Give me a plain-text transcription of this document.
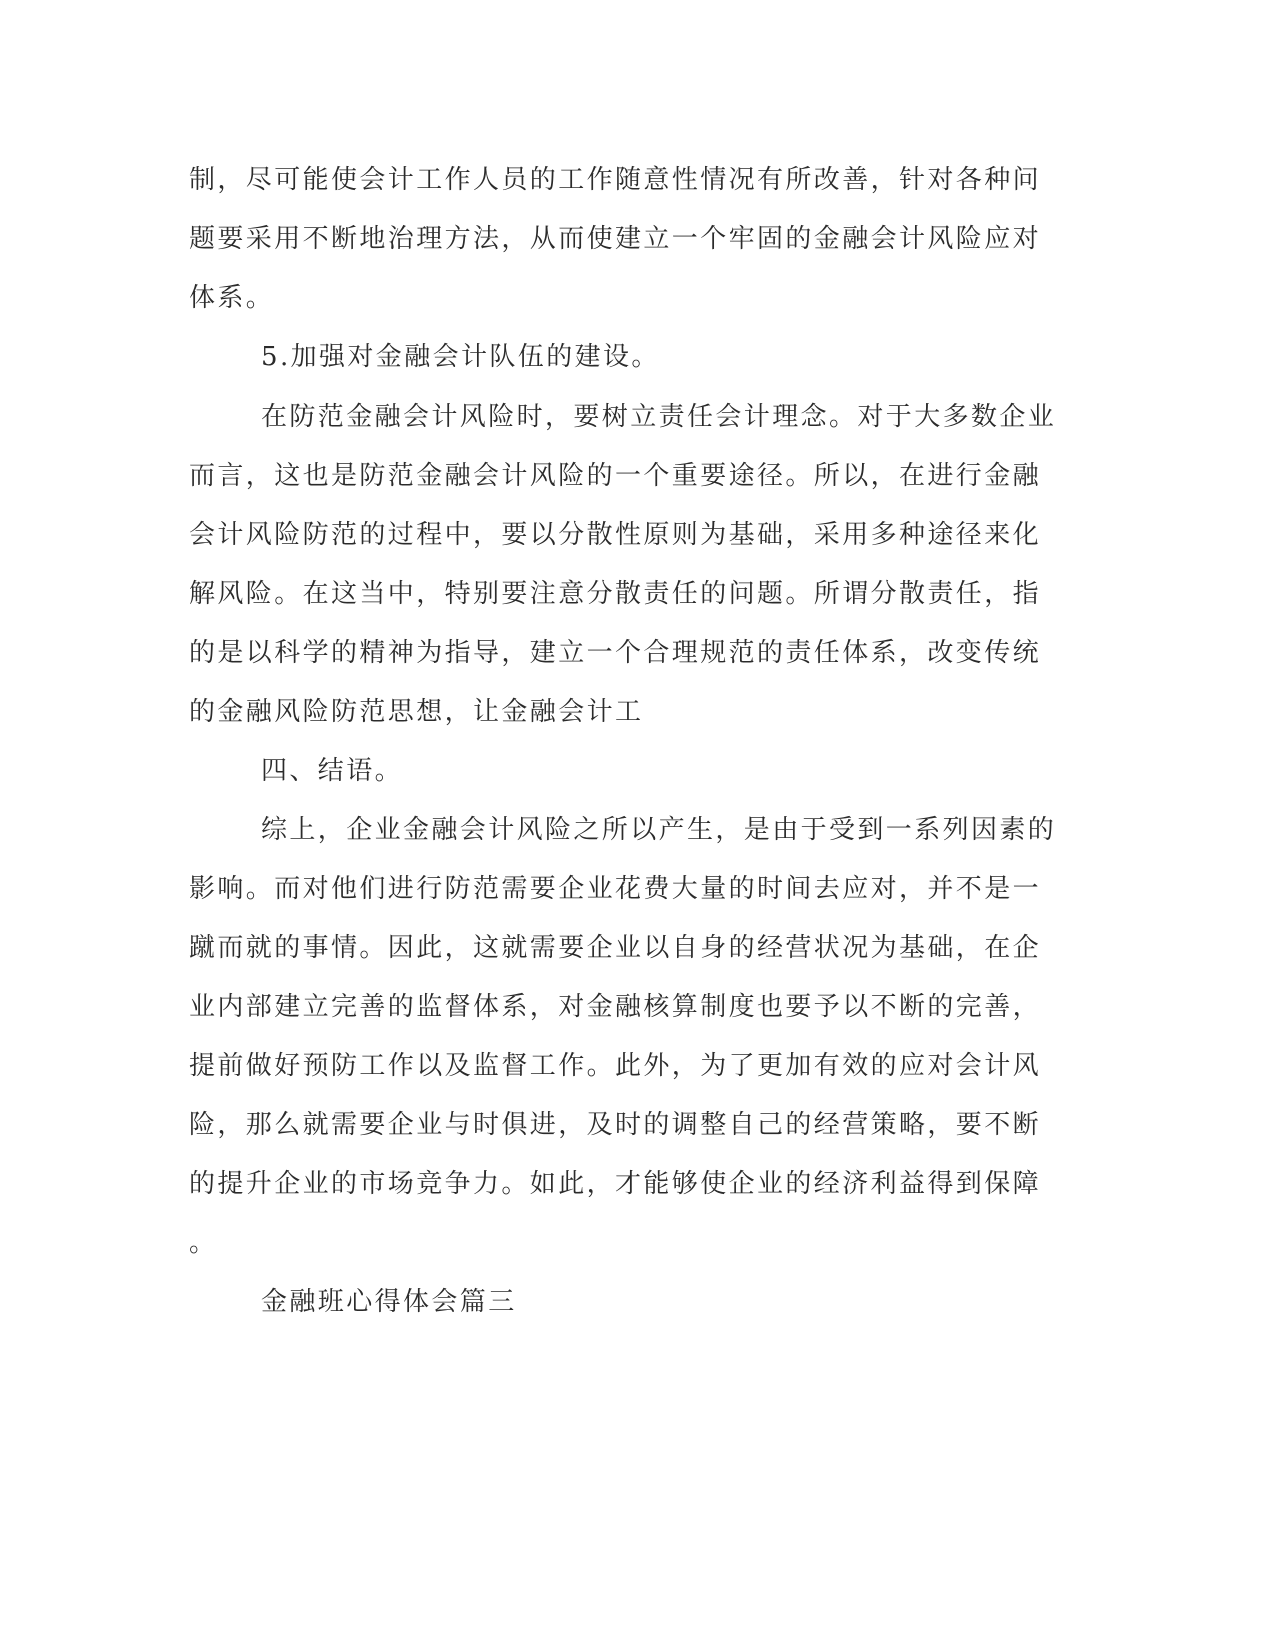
制，尽可能使会计工作人员的工作随意性情况有所改善，针对各种问
题要采用不断地治理方法，从而使建立一个牢固的金融会计风险应对
体系。
5.加强对金融会计队伍的建设。
在防范金融会计风险时，要树立责任会计理念。对于大多数企业
而言，这也是防范金融会计风险的一个重要途径。所以，在进行金融
会计风险防范的过程中，要以分散性原则为基础，采用多种途径来化
解风险。在这当中，特别要注意分散责任的问题。所谓分散责任，指
的是以科学的精神为指导，建立一个合理规范的责任体系，改变传统
的金融风险防范思想，让金融会计工
四、结语。
综上，企业金融会计风险之所以产生，是由于受到一系列因素的
影响。而对他们进行防范需要企业花费大量的时间去应对，并不是一
蹴而就的事情。因此，这就需要企业以自身的经营状况为基础，在企
业内部建立完善的监督体系，对金融核算制度也要予以不断的完善，
提前做好预防工作以及监督工作。此外，为了更加有效的应对会计风
险，那么就需要企业与时俱进，及时的调整自己的经营策略，要不断
的提升企业的市场竞争力。如此，才能够使企业的经济利益得到保障
。
金融班心得体会篇三
